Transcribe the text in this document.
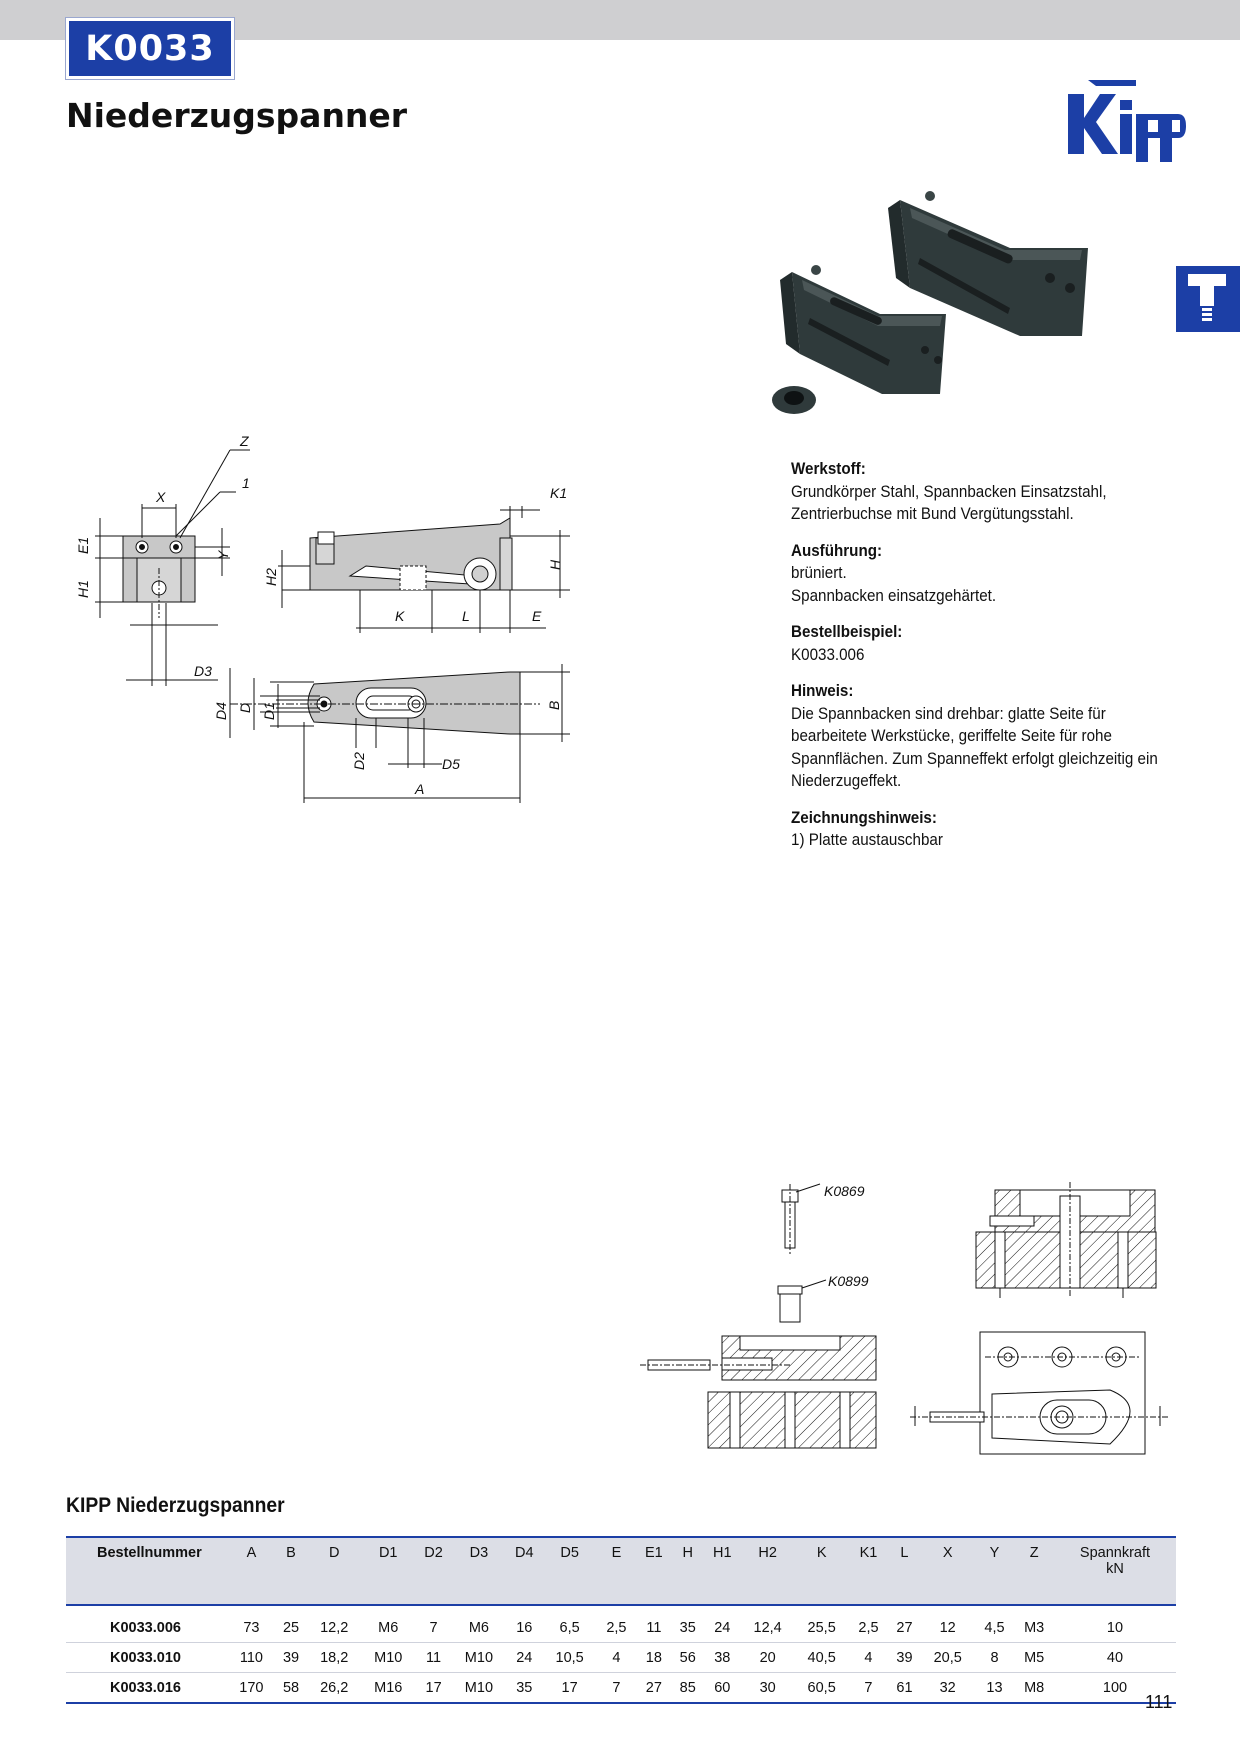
K0033
Niederzugspanner
X
Z
1
E1
H1
Y
D3
K1
H
H2
K	L	E
D4 D D1	B
D2	D5
A
Werkstoff:
Grundkörper Stahl, Spannbacken Einsatzstahl,
Zentrierbuchse mit Bund Vergütungsstahl.
Ausführung:
brüniert.
Spannbacken einsatzgehärtet.
Bestellbeispiel:
K0033.006
Hinweis:
Die Spannbacken sind drehbar: glatte Seite für
bearbeitete Werkstücke, geriffelte Seite für rohe
Spannflächen. Zum Spanneffekt erfolgt gleichzeitig ein
Niederzugeffekt.
Zeichnungshinweis:
1) Platte austauschbar
K0869
K0899
KIPP Niederzugspanner
Bestellnummer	A	B	D	D1	D2	D3	D4	D5	E	E1	H	H1	H2	K	K1	L	X	Y	Z	Spannkraft
kN
K0033.006	73	25	12,2	M6	7	M6	16	6,5	2,5	11	35	24	12,4	25,5	2,5	27	12	4,5	M3	10
K0033.010	110	39	18,2	M10	11	M10	24	10,5	4	18	56	38	20	40,5	4	39	20,5	8	M5	40
K0033.016	170	58	26,2	M16	17	M10	35	17	7	27	85	60	30	60,5	7	61	32	13	M8	100
111
